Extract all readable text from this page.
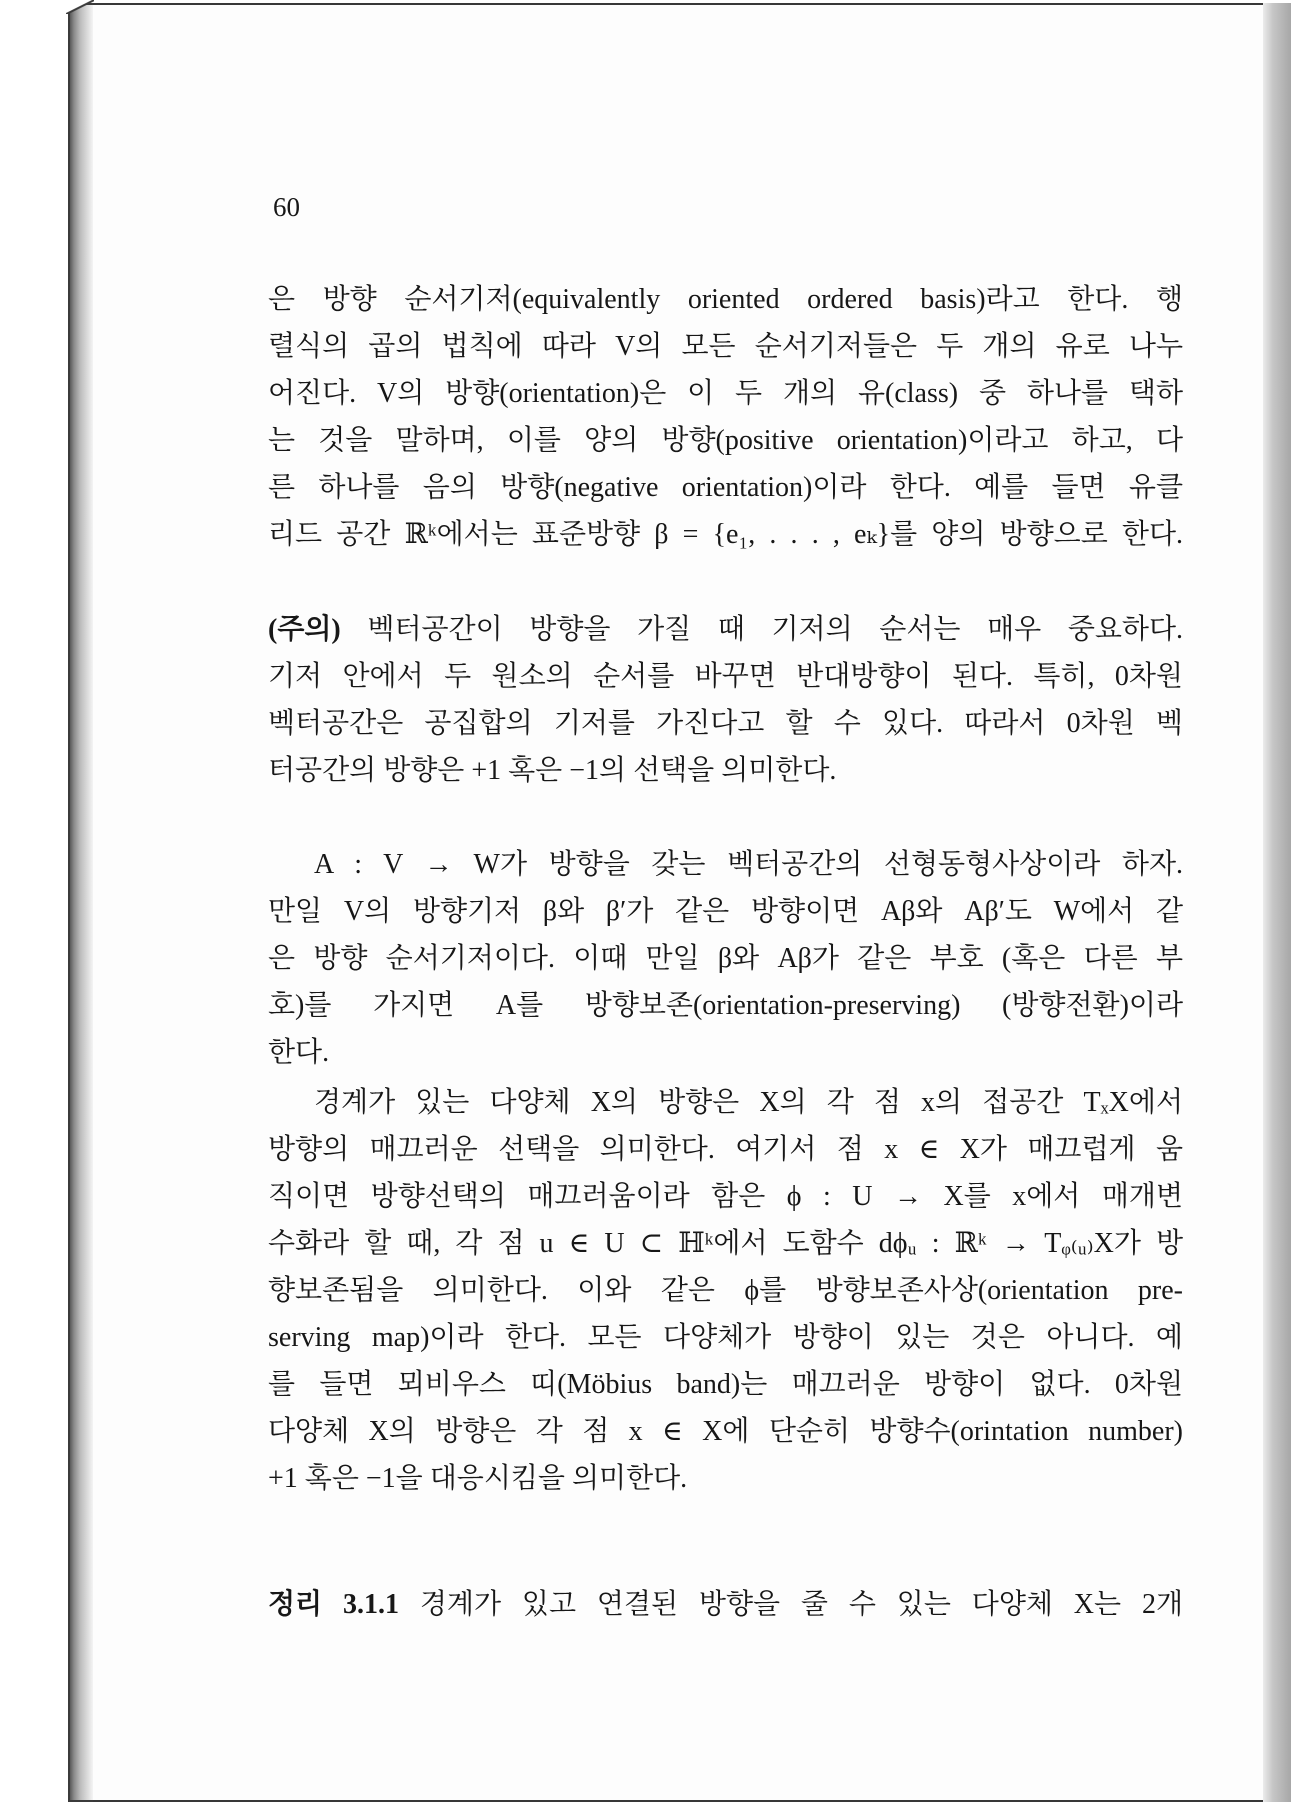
60
은 방향 순서기저(equivalently oriented ordered basis)라고 한다. 행
렬식의 곱의 법칙에 따라 V의 모든 순서기저들은 두 개의 유로 나누
어진다. V의 방향(orientation)은 이 두 개의 유(class) 중 하나를 택하
는 것을 말하며, 이를 양의 방향(positive orientation)이라고 하고, 다
른 하나를 음의 방향(negative orientation)이라 한다. 예를 들면 유클
리드 공간 ℝᵏ에서는 표준방향 β = {e₁, . . . , eₖ}를 양의 방향으로 한다.
(주의) 벡터공간이 방향을 가질 때 기저의 순서는 매우 중요하다.
기저 안에서 두 원소의 순서를 바꾸면 반대방향이 된다. 특히, 0차원
벡터공간은 공집합의 기저를 가진다고 할 수 있다. 따라서 0차원 벡
터공간의 방향은 +1 혹은 −1의 선택을 의미한다.
A : V → W가 방향을 갖는 벡터공간의 선형동형사상이라 하자.
만일 V의 방향기저 β와 β′가 같은 방향이면 Aβ와 Aβ′도 W에서 같
은 방향 순서기저이다. 이때 만일 β와 Aβ가 같은 부호 (혹은 다른 부
호)를 가지면 A를 방향보존(orientation-preserving) (방향전환)이라
한다.
경계가 있는 다양체 X의 방향은 X의 각 점 x의 접공간 TₓX에서
방향의 매끄러운 선택을 의미한다. 여기서 점 x ∈ X가 매끄럽게 움
직이면 방향선택의 매끄러움이라 함은 ϕ : U → X를 x에서 매개변
수화라 할 때, 각 점 u ∈ U ⊂ ℍᵏ에서 도함수 dϕᵤ : ℝᵏ → Tᵩ₍ᵤ₎X가 방
향보존됨을 의미한다. 이와 같은 ϕ를 방향보존사상(orientation pre-
serving map)이라 한다. 모든 다양체가 방향이 있는 것은 아니다. 예
를 들면 뫼비우스 띠(Möbius band)는 매끄러운 방향이 없다. 0차원
다양체 X의 방향은 각 점 x ∈ X에 단순히 방향수(orintation number)
+1 혹은 −1을 대응시킴을 의미한다.
정리 3.1.1 경계가 있고 연결된 방향을 줄 수 있는 다양체 X는 2개
